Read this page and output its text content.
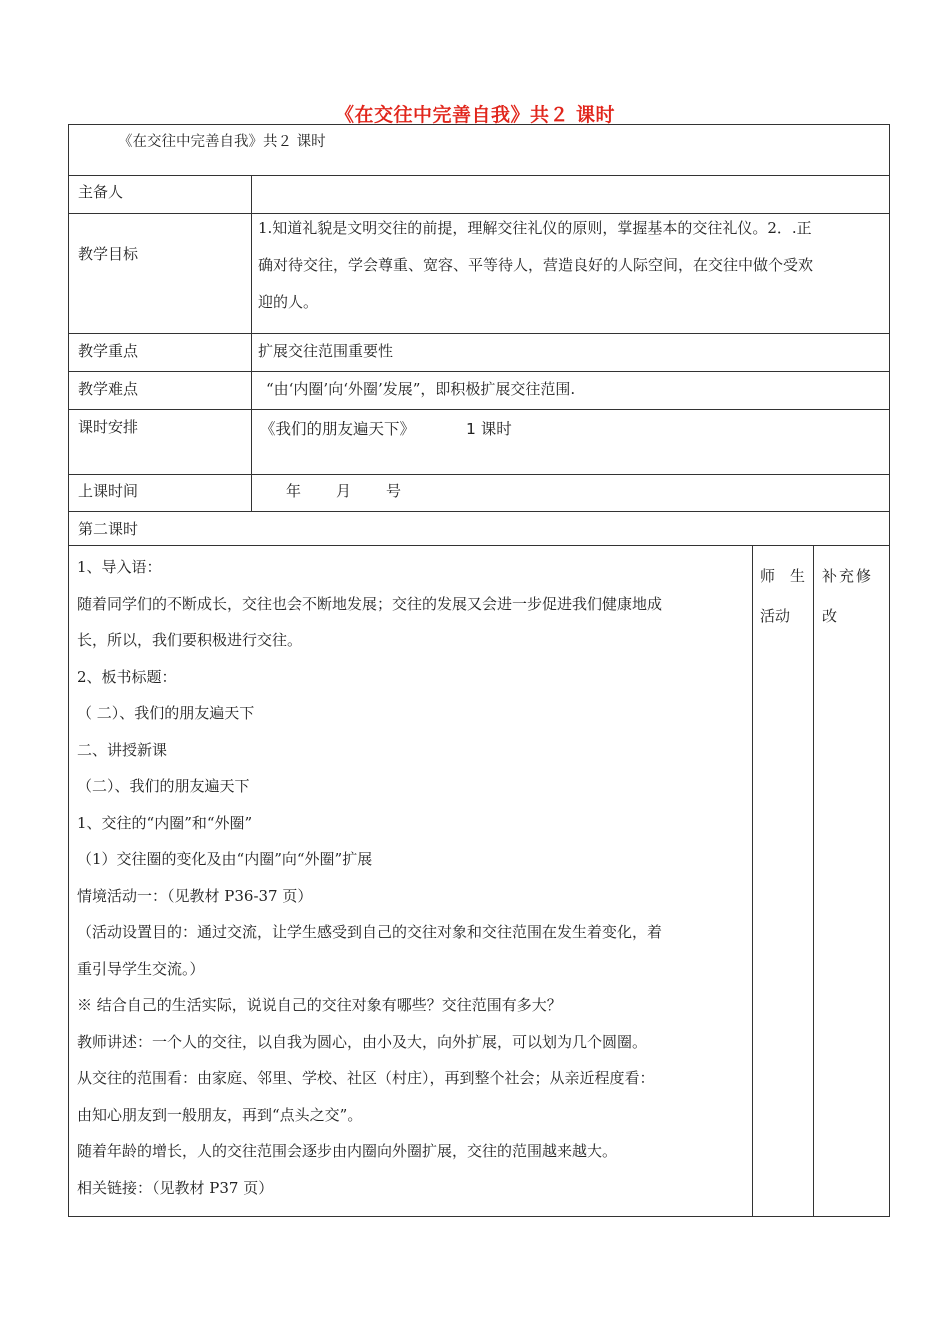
《在交往中完善自我》共２ 课时
《在交往中完善自我》共２ 课时
主备人
教学目标
教学重点
教学难点
课时安排
上课时间
1.知道礼貌是文明交往的前提，理解交往礼仪的原则，掌握基本的交往礼仪。2．.正
确对待交往，学会尊重、宽容、平等待人，营造良好的人际空间，在交往中做个受欢
迎的人。
扩展交往范围重要性
“由‘内圈’向‘外圈’发展”，即积极扩展交往范围.
《我们的朋友遍天下》	1 课时
年 月 号
第二课时
师　生
活动
补充修
改
1、导入语：
随着同学们的不断成长，交往也会不断地发展；交往的发展又会进一步促进我们健康地成
长，所以，我们要积极进行交往。
2、板书标题：
（ 二）、我们的朋友遍天下
二、讲授新课
（二）、我们的朋友遍天下
1、交往的“内圈”和“外圈”
（1）交往圈的变化及由“内圈”向“外圈”扩展
情境活动一：（见教材 P36-37 页）
（活动设置目的：通过交流，让学生感受到自己的交往对象和交往范围在发生着变化，着
重引导学生交流。）
※ 结合自己的生活实际，说说自己的交往对象有哪些？交往范围有多大？
教师讲述：一个人的交往，以自我为圆心，由小及大，向外扩展，可以划为几个圆圈。
从交往的范围看：由家庭、邻里、学校、社区（村庄），再到整个社会；从亲近程度看：
由知心朋友到一般朋友，再到“点头之交”。
随着年龄的增长，人的交往范围会逐步由内圈向外圈扩展，交往的范围越来越大。
相关链接：（见教材 P37 页）
